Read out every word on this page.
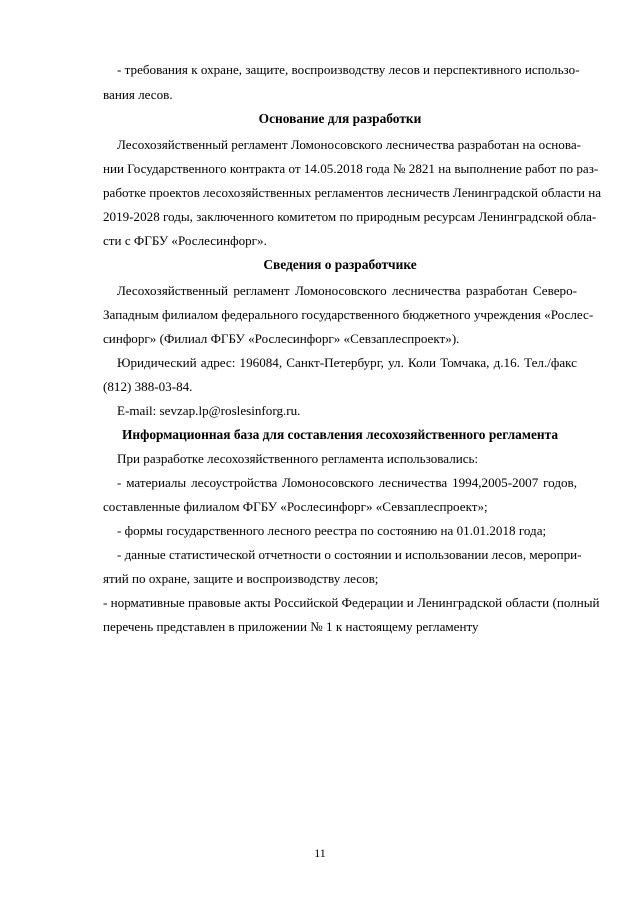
- требования к охране, защите, воспроизводству лесов и перспективного использо-

вания лесов.

Основание для разработки

Лесохозяйственный регламент Ломоносовского лесничества разработан на основа-

нии Государственного контракта от 14.05.2018 года № 2821 на выполнение работ по раз-

работке проектов лесохозяйственных регламентов лесничеств Ленинградской области на

2019-2028 годы, заключенного комитетом по природным ресурсам Ленинградской обла-

сти с ФГБУ «Рослесинфорг».

Сведения о разработчике

Лесохозяйственный регламент Ломоносовского лесничества разработан Северо-

Западным филиалом федерального государственного бюджетного учреждения «Рослес-

синфорг» (Филиал ФГБУ «Рослесинфорг» «Севзаплеспроект»).

Юридический адрес: 196084, Санкт-Петербург, ул. Коли Томчака, д.16. Тел./факс

(812) 388-03-84.

E-mail: sevzap.lp@roslesinforg.ru.

Информационная база для составления лесохозяйственного регламента

При разработке лесохозяйственного регламента использовались:

- материалы лесоустройства Ломоносовского лесничества 1994,2005-2007 годов,

составленные филиалом ФГБУ «Рослесинфорг» «Севзаплеспроект»;

- формы государственного лесного реестра по состоянию на 01.01.2018 года;

- данные статистической отчетности о состоянии и использовании лесов, меропри-

ятий по охране, защите и воспроизводству лесов;

- нормативные правовые акты Российской Федерации и Ленинградской области (полный

перечень представлен в приложении № 1 к настоящему регламенту

11
